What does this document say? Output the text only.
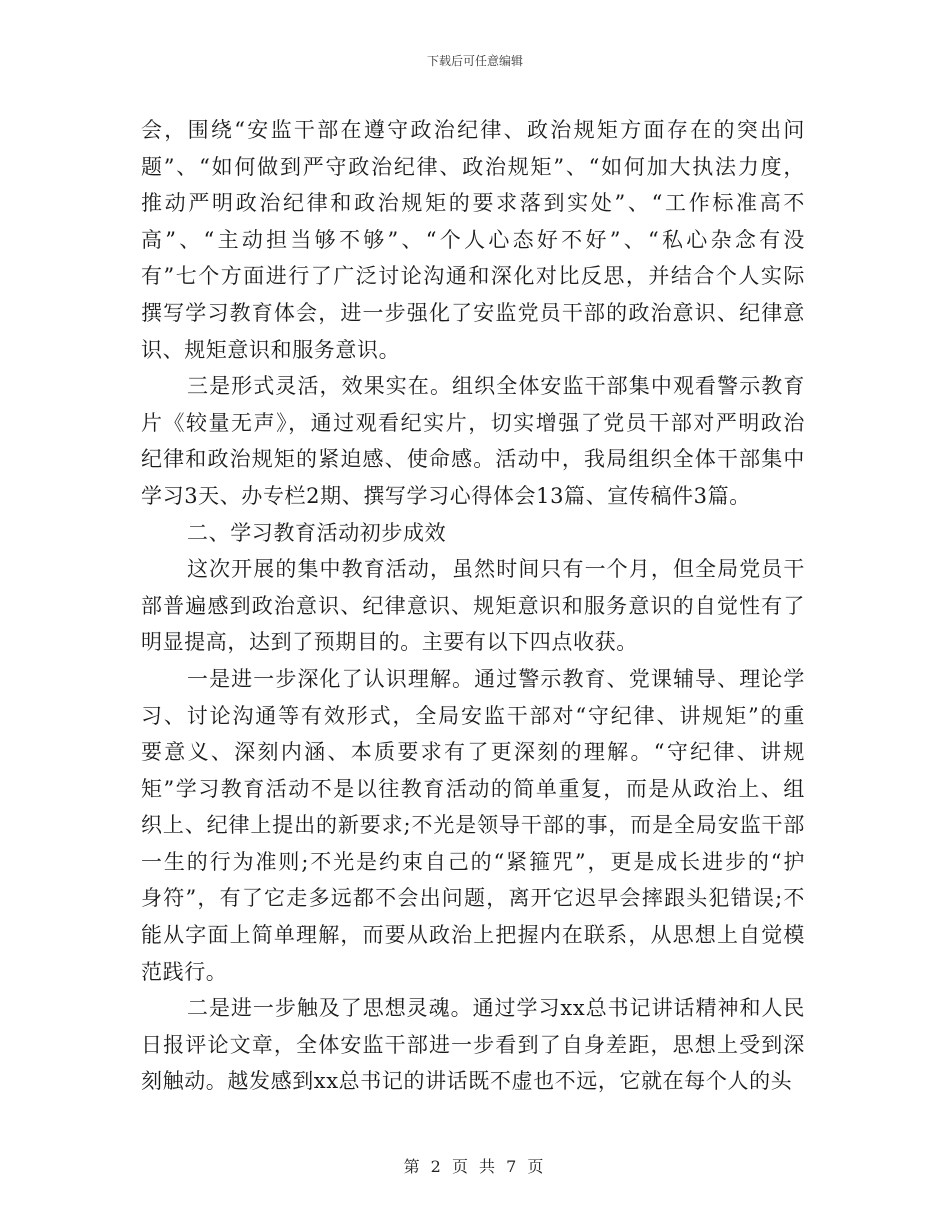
下载后可任意编辑
会，围绕“安监干部在遵守政治纪律、政治规矩方面存在的突出问
题”、“如何做到严守政治纪律、政治规矩”、“如何加大执法力度，
推动严明政治纪律和政治规矩的要求落到实处”、“工作标准高不
高”、“主动担当够不够”、“个人心态好不好”、“私心杂念有没
有”七个方面进行了广泛讨论沟通和深化对比反思，并结合个人实际
撰写学习教育体会，进一步强化了安监党员干部的政治意识、纪律意
识、规矩意识和服务意识。
三是形式灵活，效果实在。组织全体安监干部集中观看警示教育
片《较量无声》，通过观看纪实片，切实增强了党员干部对严明政治
纪律和政治规矩的紧迫感、使命感。活动中，我局组织全体干部集中
学习3天、办专栏2期、撰写学习心得体会13篇、宣传稿件3篇。
二、学习教育活动初步成效
这次开展的集中教育活动，虽然时间只有一个月，但全局党员干
部普遍感到政治意识、纪律意识、规矩意识和服务意识的自觉性有了
明显提高，达到了预期目的。主要有以下四点收获。
一是进一步深化了认识理解。通过警示教育、党课辅导、理论学
习、讨论沟通等有效形式，全局安监干部对“守纪律、讲规矩”的重
要意义、深刻内涵、本质要求有了更深刻的理解。“守纪律、讲规
矩”学习教育活动不是以往教育活动的简单重复，而是从政治上、组
织上、纪律上提出的新要求;不光是领导干部的事，而是全局安监干部
一生的行为准则;不光是约束自己的“紧箍咒”，更是成长进步的“护
身符”，有了它走多远都不会出问题，离开它迟早会摔跟头犯错误;不
能从字面上简单理解，而要从政治上把握内在联系，从思想上自觉模
范践行。
二是进一步触及了思想灵魂。通过学习xx总书记讲话精神和人民
日报评论文章，全体安监干部进一步看到了自身差距，思想上受到深
刻触动。越发感到xx总书记的讲话既不虚也不远，它就在每个人的头
第 2 页 共 7 页
